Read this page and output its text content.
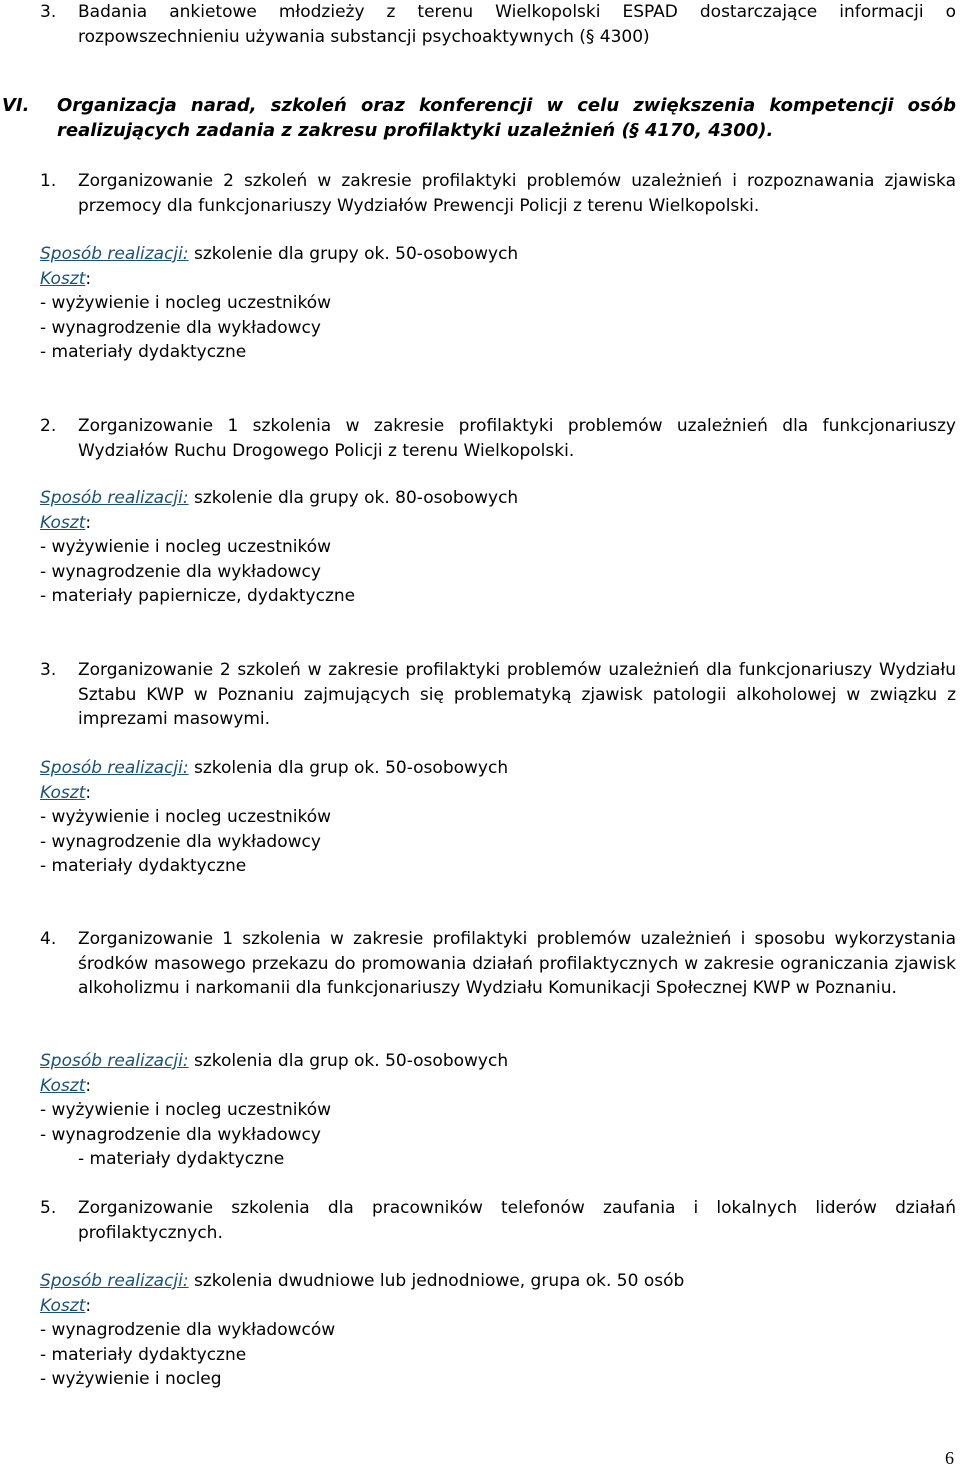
3. Badania ankietowe młodzieży z terenu Wielkopolski ESPAD dostarczające informacji o rozpowszechnieniu używania substancji psychoaktywnych (§ 4300)
VI. Organizacja narad, szkoleń oraz konferencji w celu zwiększenia kompetencji osób realizujących zadania z zakresu profilaktyki uzależnień (§ 4170, 4300).
1. Zorganizowanie 2 szkoleń w zakresie profilaktyki problemów uzależnień i rozpoznawania zjawiska przemocy dla funkcjonariuszy Wydziałów Prewencji Policji z terenu Wielkopolski.
Sposób realizacji: szkolenie dla grupy ok. 50-osobowych
Koszt:
- wyżywienie i nocleg uczestników
- wynagrodzenie dla wykładowcy
- materiały dydaktyczne
2. Zorganizowanie 1 szkolenia w zakresie profilaktyki problemów uzależnień dla funkcjonariuszy Wydziałów Ruchu Drogowego Policji z terenu Wielkopolski.
Sposób realizacji: szkolenie dla grupy ok. 80-osobowych
Koszt:
- wyżywienie i nocleg uczestników
- wynagrodzenie dla wykładowcy
- materiały papiernicze, dydaktyczne
3. Zorganizowanie 2 szkoleń w zakresie profilaktyki problemów uzależnień dla funkcjonariuszy Wydziału Sztabu KWP w Poznaniu zajmujących się problematyką zjawisk patologii alkoholowej w związku z imprezami masowymi.
Sposób realizacji: szkolenia dla grup ok. 50-osobowych
Koszt:
- wyżywienie i nocleg uczestników
- wynagrodzenie dla wykładowcy
- materiały dydaktyczne
4. Zorganizowanie 1 szkolenia w zakresie profilaktyki problemów uzależnień i sposobu wykorzystania środków masowego przekazu do promowania działań profilaktycznych w zakresie ograniczania zjawisk alkoholizmu i narkomanii dla funkcjonariuszy Wydziału Komunikacji Społecznej KWP w Poznaniu.
Sposób realizacji: szkolenia dla grup ok. 50-osobowych
Koszt:
- wyżywienie i nocleg uczestników
- wynagrodzenie dla wykładowcy
- materiały dydaktyczne
5. Zorganizowanie szkolenia dla pracowników telefonów zaufania i lokalnych liderów działań profilaktycznych.
Sposób realizacji: szkolenia dwudniowe lub jednodniowe, grupa ok. 50 osób
Koszt:
- wynagrodzenie dla wykładowców
- materiały dydaktyczne
- wyżywienie i nocleg
6
